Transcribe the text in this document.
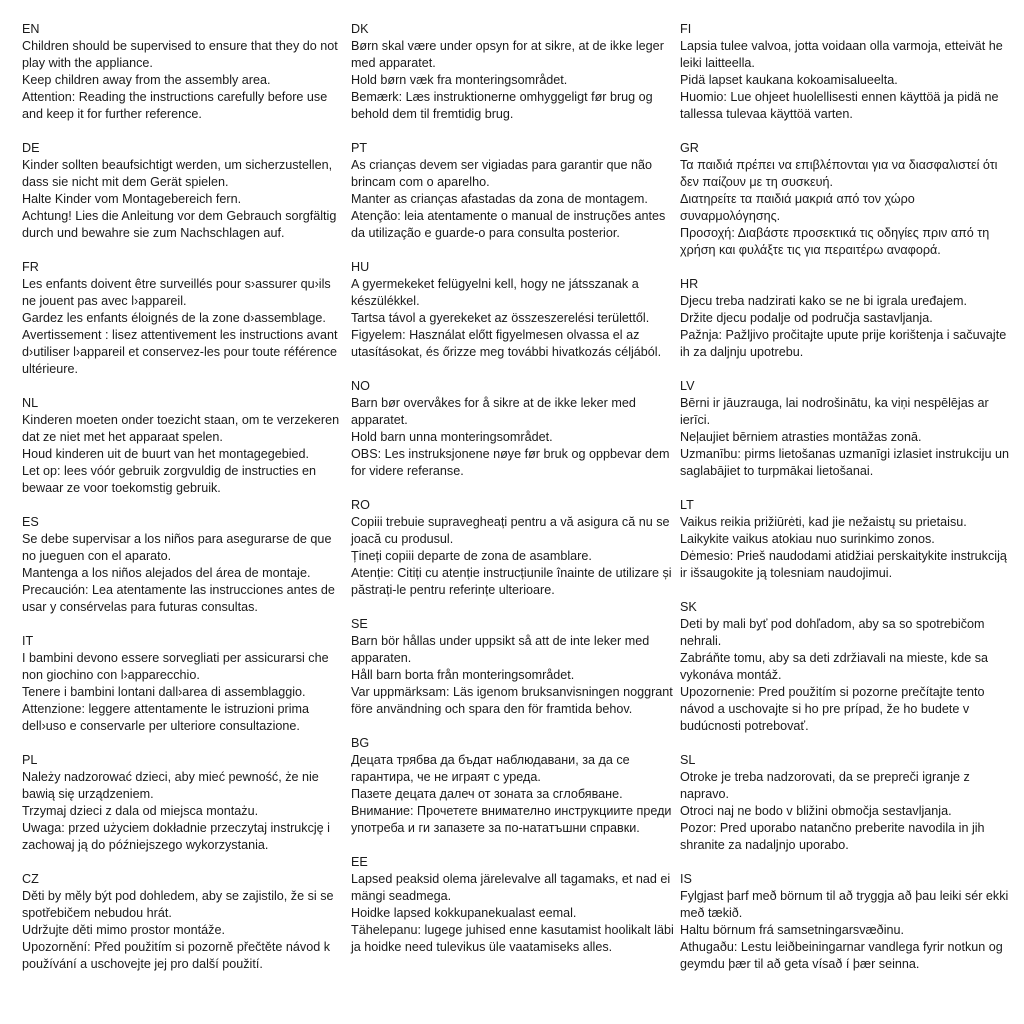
EN
Children should be supervised to ensure that they do not play with the appliance.
Keep children away from the assembly area.
Attention: Reading the instructions carefully before use and keep it for further reference.
DE
Kinder sollten beaufsichtigt werden, um sicherzustellen, dass sie nicht mit dem Gerät spielen.
Halte Kinder vom Montagebereich fern.
Achtung! Lies die Anleitung vor dem Gebrauch sorgfältig durch und bewahre sie zum Nachschlagen auf.
FR
Les enfants doivent être surveillés pour s›assurer qu›ils ne jouent pas avec l›appareil.
Gardez les enfants éloignés de la zone d›assemblage.
Avertissement : lisez attentivement les instructions avant d›utiliser l›appareil et conservez-les pour toute référence ultérieure.
NL
Kinderen moeten onder toezicht staan, om te verzekeren dat ze niet met het apparaat spelen.
Houd kinderen uit de buurt van het montagegebied.
Let op: lees vóór gebruik zorgvuldig de instructies en bewaar ze voor toekomstig gebruik.
ES
Se debe supervisar a los niños para asegurarse de que no jueguen con el aparato.
Mantenga a los niños alejados del área de montaje.
Precaución: Lea atentamente las instrucciones antes de usar y consérvelas para futuras consultas.
IT
I bambini devono essere sorvegliati per assicurarsi che non giochino con l›apparecchio.
Tenere i bambini lontani dall›area di assemblaggio.
Attenzione: leggere attentamente le istruzioni prima dell›uso e conservarle per ulteriore consultazione.
PL
Należy nadzorować dzieci, aby mieć pewność, że nie bawią się urządzeniem.
Trzymaj dzieci z dala od miejsca montażu.
Uwaga: przed użyciem dokładnie przeczytaj instrukcję i zachowaj ją do późniejszego wykorzystania.
CZ
Děti by měly být pod dohledem, aby se zajistilo, že si se spotřebičem nebudou hrát.
Udržujte děti mimo prostor montáže.
Upozornění: Před použitím si pozorně přečtěte návod k používání a uschovejte jej pro další použití.
DK
Børn skal være under opsyn for at sikre, at de ikke leger med apparatet.
Hold børn væk fra monteringsområdet.
Bemærk: Læs instruktionerne omhyggeligt før brug og behold dem til fremtidig brug.
PT
As crianças devem ser vigiadas para garantir que não brincam com o aparelho.
Manter as crianças afastadas da zona de montagem.
Atenção: leia atentamente o manual de instruções antes da utilização e guarde-o para consulta posterior.
HU
A gyermekeket felügyelni kell, hogy ne játsszanak a készülékkel.
Tartsa távol a gyerekeket az összeszerelési területtől.
Figyelem: Használat előtt figyelmesen olvassa el az utasításokat, és őrizze meg további hivatkozás céljából.
NO
Barn bør overvåkes for å sikre at de ikke leker med apparatet.
Hold barn unna monteringsområdet.
OBS: Les instruksjonene nøye før bruk og oppbevar dem for videre referanse.
RO
Copiii trebuie supravegheați pentru a vă asigura că nu se joacă cu produsul.
Țineți copiii departe de zona de asamblare.
Atenție: Citiți cu atenție instrucțiunile înainte de utilizare și păstrați-le pentru referințe ulterioare.
SE
Barn bör hållas under uppsikt så att de inte leker med apparaten.
Håll barn borta från monteringsområdet.
Var uppmärksam: Läs igenom bruksanvisningen noggrant före användning och spara den för framtida behov.
BG
Децата трябва да бъдат наблюдавани, за да се гарантира, че не играят с уреда.
Пазете децата далеч от зоната за сглобяване.
Внимание: Прочетете внимателно инструкциите преди употреба и ги запазете за по-нататъшни справки.
EE
Lapsed peaksid olema järelevalve all tagamaks, et nad ei mängi seadmega.
Hoidke lapsed kokkupanekualast eemal.
Tähelepanu: lugege juhised enne kasutamist hoolikalt läbi ja hoidke need tulevikus üle vaatamiseks alles.
FI
Lapsia tulee valvoa, jotta voidaan olla varmoja, etteivät he leiki laitteella.
Pidä lapset kaukana kokoamisalueelta.
Huomio: Lue ohjeet huolellisesti ennen käyttöä ja pidä ne tallessa tulevaa käyttöä varten.
GR
Τα παιδιά πρέπει να επιβλέπονται για να διασφαλιστεί ότι δεν παίζουν με τη συσκευή.
Διατηρείτε τα παιδιά μακριά από τον χώρο συναρμολόγησης.
Προσοχή: Διαβάστε προσεκτικά τις οδηγίες πριν από τη χρήση και φυλάξτε τις για περαιτέρω αναφορά.
HR
Djecu treba nadzirati kako se ne bi igrala uređajem.
Držite djecu podalje od područja sastavljanja.
Pažnja: Pažljivo pročitajte upute prije korištenja i sačuvajte ih za daljnju upotrebu.
LV
Bērni ir jāuzrauga, lai nodrošinātu, ka viņi nespēlējas ar ierīci.
Neļaujiet bērniem atrasties montāžas zonā.
Uzmanību: pirms lietošanas uzmanīgi izlasiet instrukciju un saglabājiet to turpmākai lietošanai.
LT
Vaikus reikia prižiūrėti, kad jie nežaistų su prietaisu.
Laikykite vaikus atokiau nuo surinkimo zonos.
Dėmesio: Prieš naudodami atidžiai perskaitykite instrukciją ir išsaugokite ją tolesniam naudojimui.
SK
Deti by mali byť pod dohľadom, aby sa so spotrebičom nehrali.
Zabráňte tomu, aby sa deti zdržiavali na mieste, kde sa vykonáva montáž.
Upozornenie: Pred použitím si pozorne prečítajte tento návod a uschovajte si ho pre prípad, že ho budete v budúcnosti potrebovať.
SL
Otroke je treba nadzorovati, da se prepreči igranje z napravo.
Otroci naj ne bodo v bližini območja sestavljanja.
Pozor: Pred uporabo natančno preberite navodila in jih shranite za nadaljnjo uporabo.
IS
Fylgjast þarf með börnum til að tryggja að þau leiki sér ekki með tækið.
Haltu börnum frá samsetningarsvæðinu.
Athugaðu: Lestu leiðbeiningarnar vandlega fyrir notkun og geymdu þær til að geta vísað í þær seinna.
